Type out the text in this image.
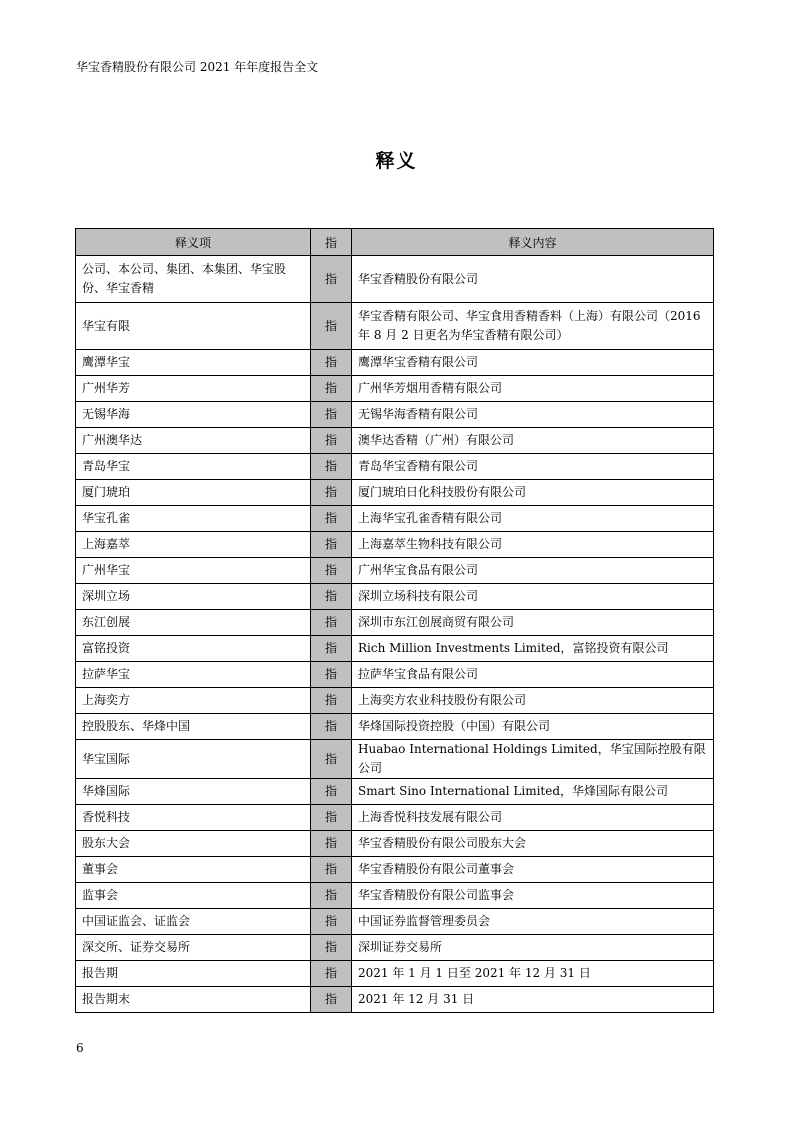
华宝香精股份有限公司 2021 年年度报告全文
释义
释义项	指	释义内容
公司、本公司、集团、本集团、华宝股份、华宝香精	指	华宝香精股份有限公司
华宝有限	指	华宝香精有限公司、华宝食用香精香料（上海）有限公司（2016 年 8 月 2 日更名为华宝香精有限公司）
鹰潭华宝	指	鹰潭华宝香精有限公司
广州华芳	指	广州华芳烟用香精有限公司
无锡华海	指	无锡华海香精有限公司
广州澳华达	指	澳华达香精（广州）有限公司
青岛华宝	指	青岛华宝香精有限公司
厦门琥珀	指	厦门琥珀日化科技股份有限公司
华宝孔雀	指	上海华宝孔雀香精有限公司
上海嘉萃	指	上海嘉萃生物科技有限公司
广州华宝	指	广州华宝食品有限公司
深圳立场	指	深圳立场科技有限公司
东江创展	指	深圳市东江创展商贸有限公司
富铭投资	指	Rich Million Investments Limited，富铭投资有限公司
拉萨华宝	指	拉萨华宝食品有限公司
上海奕方	指	上海奕方农业科技股份有限公司
控股股东、华烽中国	指	华烽国际投资控股（中国）有限公司
华宝国际	指	Huabao International Holdings Limited，华宝国际控股有限公司
华烽国际	指	Smart Sino International Limited，华烽国际有限公司
香悦科技	指	上海香悦科技发展有限公司
股东大会	指	华宝香精股份有限公司股东大会
董事会	指	华宝香精股份有限公司董事会
监事会	指	华宝香精股份有限公司监事会
中国证监会、证监会	指	中国证券监督管理委员会
深交所、证券交易所	指	深圳证券交易所
报告期	指	2021 年 1 月 1 日至 2021 年 12 月 31 日
报告期末	指	2021 年 12 月 31 日
6
